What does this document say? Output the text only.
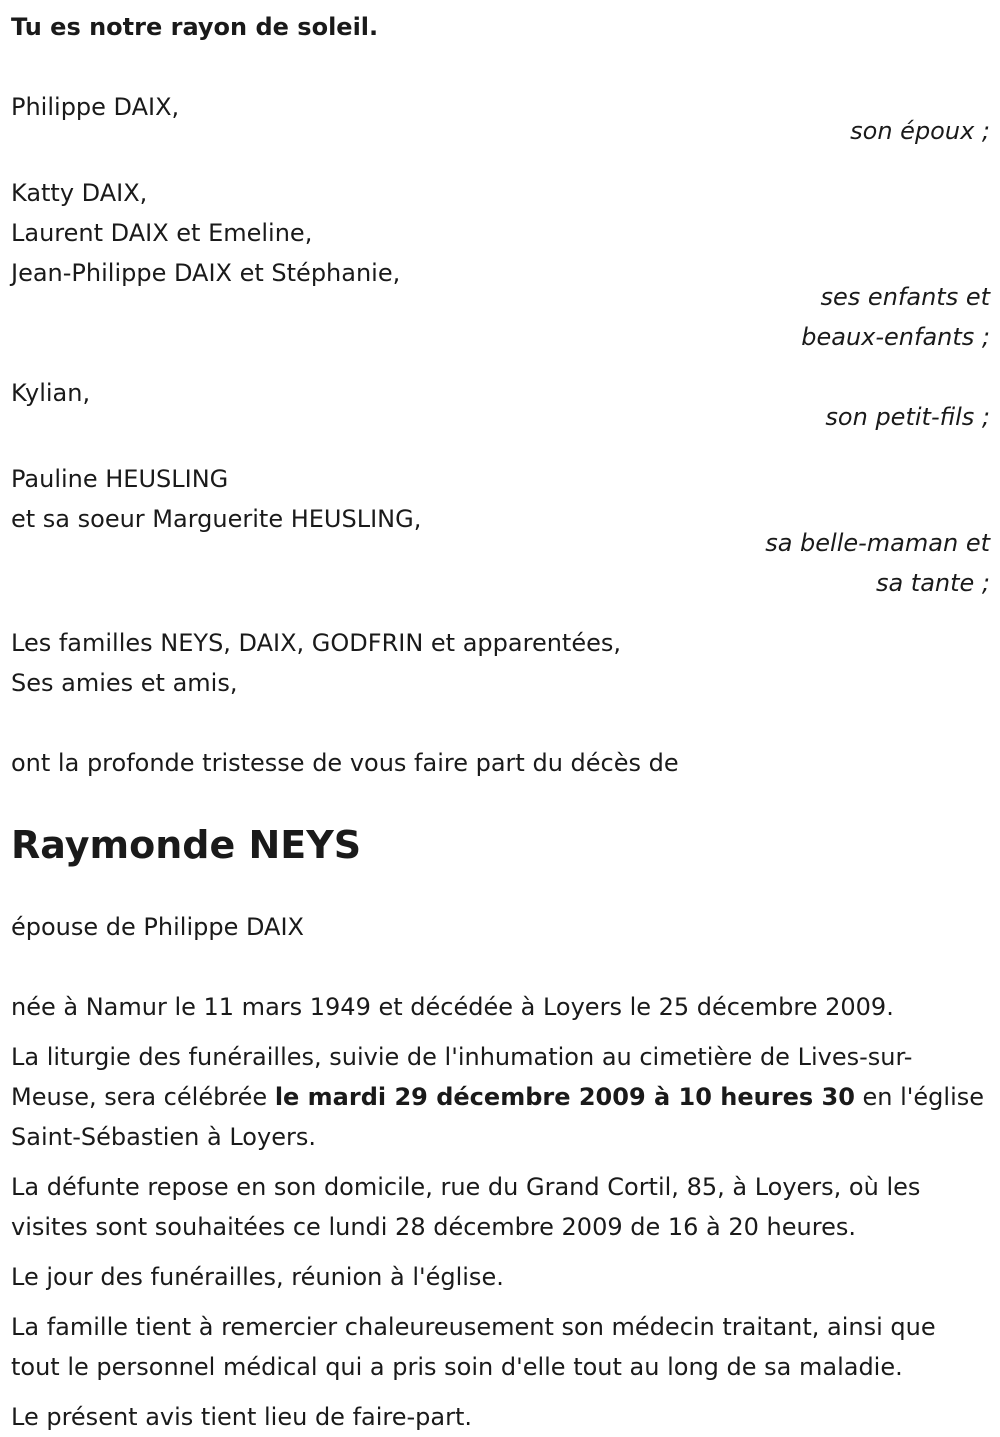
Tu es notre rayon de soleil.
Philippe DAIX,
son époux ;
Katty DAIX,
Laurent DAIX et Emeline,
Jean-Philippe DAIX et Stéphanie,
ses enfants et
beaux-enfants ;
Kylian,
son petit-fils ;
Pauline HEUSLING
et sa soeur Marguerite HEUSLING,
sa belle-maman et
sa tante ;
Les familles NEYS, DAIX, GODFRIN et apparentées,
Ses amies et amis,
ont la profonde tristesse de vous faire part du décès de
Raymonde NEYS
épouse de Philippe DAIX
née à Namur le 11 mars 1949 et décédée à Loyers le 25 décembre 2009.
La liturgie des funérailles, suivie de l'inhumation au cimetière de Lives-sur-Meuse, sera célébrée le mardi 29 décembre 2009 à 10 heures 30 en l'église Saint-Sébastien à Loyers.
La défunte repose en son domicile, rue du Grand Cortil, 85, à Loyers, où les visites sont souhaitées ce lundi 28 décembre 2009 de 16 à 20 heures.
Le jour des funérailles, réunion à l'église.
La famille tient à remercier chaleureusement son médecin traitant, ainsi que tout le personnel médical qui a pris soin d'elle tout au long de sa maladie.
Le présent avis tient lieu de faire-part.
